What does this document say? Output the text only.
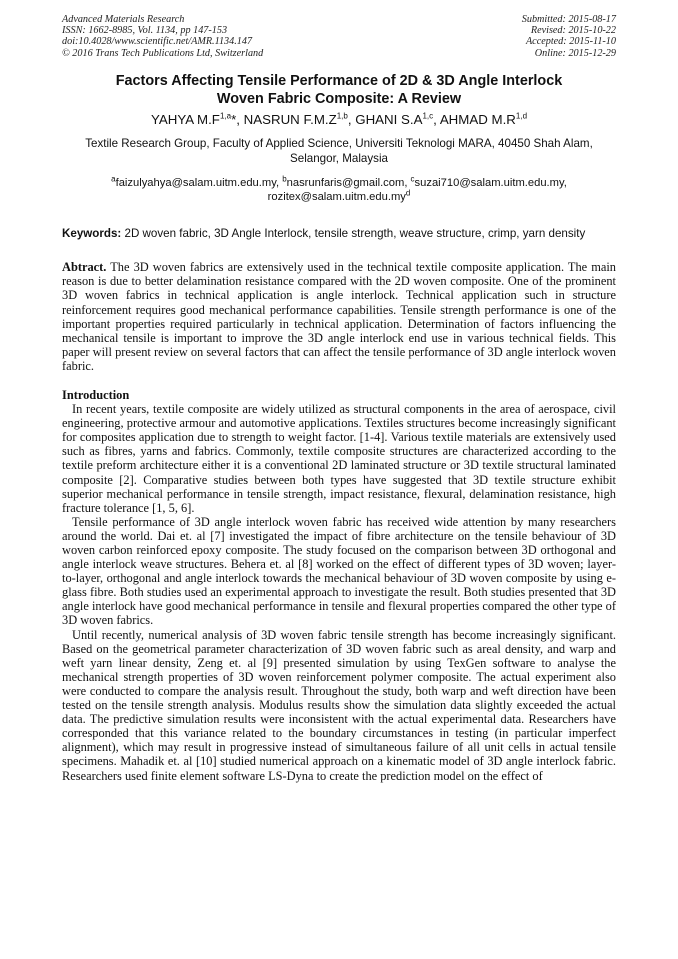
Advanced Materials Research
ISSN: 1662-8985, Vol. 1134, pp 147-153
doi:10.4028/www.scientific.net/AMR.1134.147
© 2016 Trans Tech Publications Ltd, Switzerland
Submitted: 2015-08-17
Revised: 2015-10-22
Accepted: 2015-11-10
Online: 2015-12-29
Factors Affecting Tensile Performance of 2D & 3D Angle Interlock
Woven Fabric Composite: A Review
YAHYA $M.F^{1,a}*$, NASRUN $F.M.Z^{1,b}$, GHANI $S.A^{1,c}$, AHMAD $M.R^{1,d}$
Textile Research Group, Faculty of Applied Science, Universiti Teknologi MARA, 40450 Shah Alam, Selangor, Malaysia
$^a$faizulyahya@salam.uitm.edu.my, $^b$nasrunfaris@gmail.com, $^c$suzai710@salam.uitm.edu.my, $rozitex@salam.uitm.edu.my^d$
Keywords: 2D woven fabric, 3D Angle Interlock, tensile strength, weave structure, crimp, yarn density
Abtract. The 3D woven fabrics are extensively used in the technical textile composite application. The main reason is due to better delamination resistance compared with the 2D woven composite. One of the prominent 3D woven fabrics in technical application is angle interlock. Technical application such in structure reinforcement requires good mechanical performance capabilities. Tensile strength performance is one of the important properties required particularly in technical application. Determination of factors influencing the mechanical tensile is important to improve the 3D angle interlock end use in various technical fields. This paper will present review on several factors that can affect the tensile performance of 3D angle interlock woven fabric.
Introduction

In recent years, textile composite are widely utilized as structural components in the area of aerospace, civil engineering, protective armour and automotive applications. Textiles structures become increasingly significant for composites application due to strength to weight factor. [1-4]. Various textile materials are extensively used such as fibres, yarns and fabrics. Commonly, textile composite structures are characterized according to the textile preform architecture either it is a conventional 2D laminated structure or 3D textile structural laminated composite [2]. Comparative studies between both types have suggested that 3D textile structure exhibit superior mechanical performance in tensile strength, impact resistance, flexural, delamination resistance, high fracture tolerance [1, 5, 6].

Tensile performance of 3D angle interlock woven fabric has received wide attention by many researchers around the world. Dai et. al [7] investigated the impact of fibre architecture on the tensile behaviour of 3D woven carbon reinforced epoxy composite. The study focused on the comparison between 3D orthogonal and angle interlock weave structures. Behera et. al [8] worked on the effect of different types of 3D woven; layer-to-layer, orthogonal and angle interlock towards the mechanical behaviour of 3D woven composite by using e-glass fibre. Both studies used an experimental approach to investigate the result. Both studies presented that 3D angle interlock have good mechanical performance in tensile and flexural properties compared the other type of 3D woven fabrics.

Until recently, numerical analysis of 3D woven fabric tensile strength has become increasingly significant. Based on the geometrical parameter characterization of 3D woven fabric such as areal density, and warp and weft yarn linear density, Zeng et. al [9] presented simulation by using TexGen software to analyse the mechanical strength properties of 3D woven reinforcement polymer composite. The actual experiment also were conducted to compare the analysis result. Throughout the study, both warp and weft direction have been tested on the tensile strength analysis. Modulus results show the simulation data slightly exceeded the actual data. The predictive simulation results were inconsistent with the actual experimental data. Researchers have corresponded that this variance related to the boundary circumstances in testing (in particular imperfect alignment), which may result in progressive instead of simultaneous failure of all unit cells in actual tensile specimens. Mahadik et. al [10] studied numerical approach on a kinematic model of 3D angle interlock fabric. Researchers used finite element software LS-Dyna to create the prediction model on the effect of
